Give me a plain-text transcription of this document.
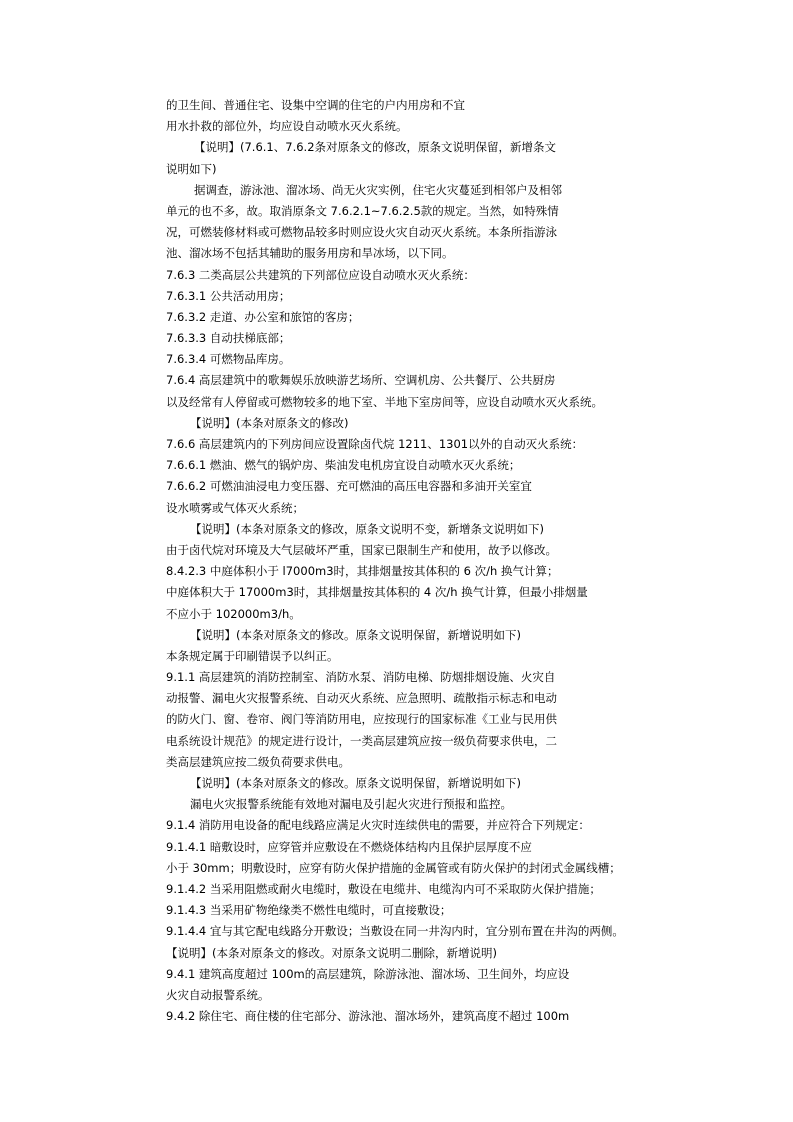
的卫生间、普通住宅、设集中空调的住宅的户内用房和不宜
用水扑救的部位外，均应设自动喷水灭火系统。
【说明】(7.6.1、7.6.2条对原条文的修改，原条文说明保留，新增条文
说明如下)
据调查，游泳池、溜冰场、尚无火灾实例，住宅火灾蔓延到相邻户及相邻
单元的也不多，故。取消原条文 7.6.2.1~7.6.2.5款的规定。当然，如特殊情
况，可燃装修材料或可燃物品较多时则应设火灾自动灭火系统。本条所指游泳
池、溜冰场不包括其辅助的服务用房和旱冰场，以下同。
7.6.3 二类高层公共建筑的下列部位应设自动喷水灭火系统：
7.6.3.1 公共活动用房；
7.6.3.2 走道、办公室和旅馆的客房；
7.6.3.3 自动扶梯底部；
7.6.3.4 可燃物品库房。
7.6.4 高层建筑中的歌舞娱乐放映游艺场所、空调机房、公共餐厅、公共厨房
以及经常有人停留或可燃物较多的地下室、半地下室房间等，应设自动喷水灭火系统。
【说明】(本条对原条文的修改)
7.6.6 高层建筑内的下列房间应设置除卤代烷 1211、1301以外的自动灭火系统：
7.6.6.1 燃油、燃气的锅炉房、柴油发电机房宜设自动喷水灭火系统；
7.6.6.2 可燃油油浸电力变压器、充可燃油的高压电容器和多油开关室宜
设水喷雾或气体灭火系统；
【说明】(本条对原条文的修改，原条文说明不变，新增条文说明如下)
由于卤代烷对环境及大气层破坏严重，国家已限制生产和使用，故予以修改。
8.4.2.3 中庭体积小于 l7000m3时，其排烟量按其体积的 6 次/h 换气计算；
中庭体积大于 17000m3时，其排烟量按其体积的 4 次/h 换气计算，但最小排烟量
不应小于 102000m3/h。
【说明】(本条对原条文的修改。原条文说明保留，新增说明如下)
本条规定属于印刷错误予以纠正。
9.1.1 高层建筑的消防控制室、消防水泵、消防电梯、防烟排烟设施、火灾自
动报警、漏电火灾报警系统、自动灭火系统、应急照明、疏散指示标志和电动
的防火门、窗、卷帘、阀门等消防用电，应按现行的国家标准《工业与民用供
电系统设计规范》的规定进行设计，一类高层建筑应按一级负荷要求供电，二
类高层建筑应按二级负荷要求供电。
【说明】(本条对原条文的修改。原条文说明保留，新增说明如下)
漏电火灾报警系统能有效地对漏电及引起火灾进行预报和监控。
9.1.4 消防用电设备的配电线路应满足火灾时连续供电的需要，并应符合下列规定：
9.1.4.1 暗敷设时，应穿管并应敷设在不燃烧体结构内且保护层厚度不应
小于 30mm；明敷设时，应穿有防火保护措施的金属管或有防火保护的封闭式金属线槽；
9.1.4.2 当采用阻燃或耐火电缆时，敷设在电缆井、电缆沟内可不采取防火保护措施；
9.1.4.3 当采用矿物绝缘类不燃性电缆时，可直接敷设；
9.1.4.4 宜与其它配电线路分开敷设；当敷设在同一井沟内时，宜分别布置在井沟的两侧。
【说明】(本条对原条文的修改。对原条文说明二删除，新增说明)
9.4.1 建筑高度超过 100m的高层建筑，除游泳池、溜冰场、卫生间外，均应设
火灾自动报警系统。
9.4.2 除住宅、商住楼的住宅部分、游泳池、溜冰场外，建筑高度不超过 100m
